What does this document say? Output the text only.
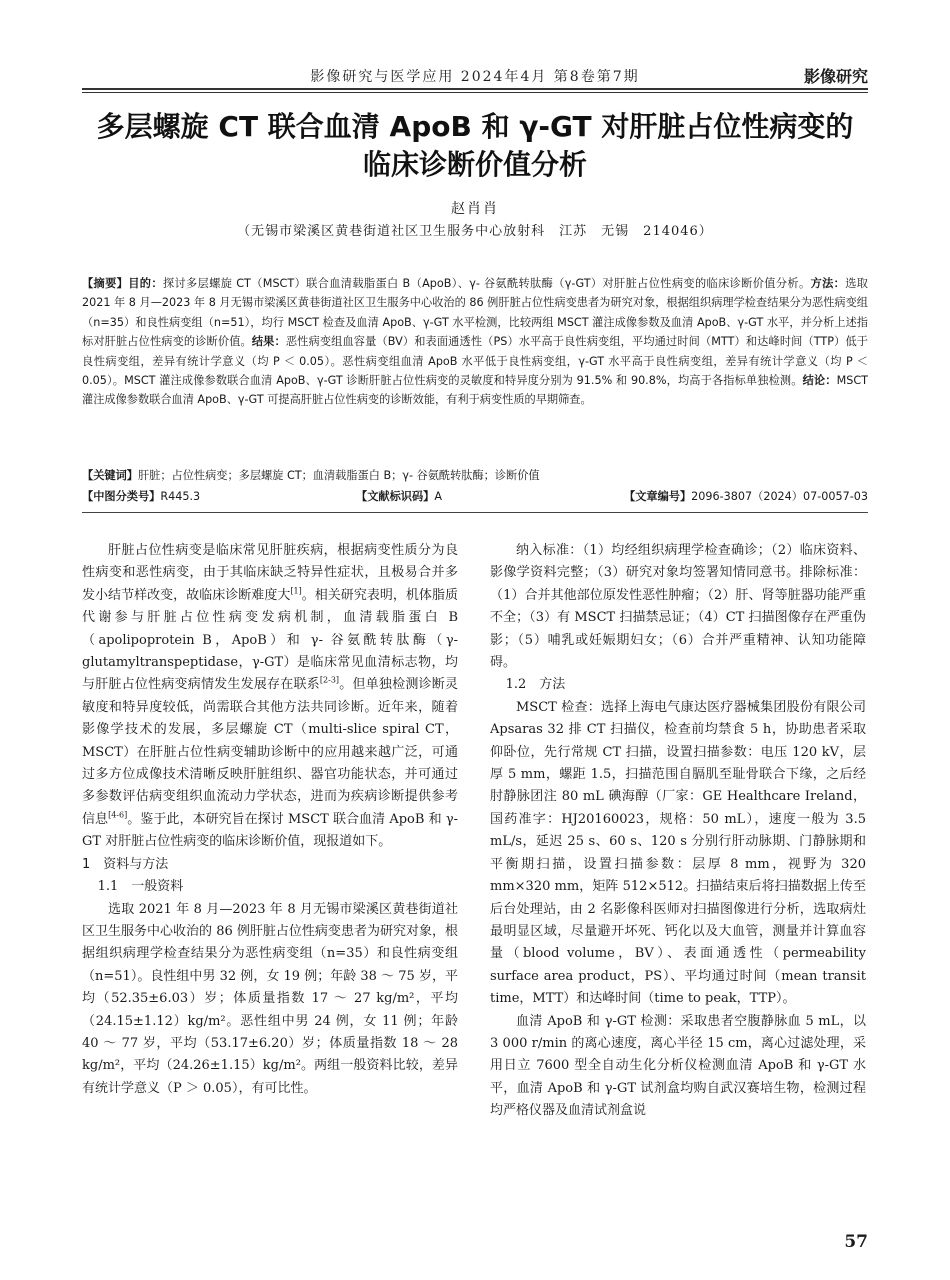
影像研究与医学应用 2024年4月 第8卷第7期	影像研究
多层螺旋 CT 联合血清 ApoB 和 γ-GT 对肝脏占位性病变的
临床诊断价值分析
赵肖肖
（无锡市梁溪区黄巷街道社区卫生服务中心放射科　江苏　无锡　214046）
【摘要】目的：探讨多层螺旋 CT（MSCT）联合血清载脂蛋白 B（ApoB）、γ- 谷氨酰转肽酶（γ-GT）对肝脏占位性病变的临床诊断价值分析。方法：选取 2021 年 8 月—2023 年 8 月无锡市梁溪区黄巷街道社区卫生服务中心收治的 86 例肝脏占位性病变患者为研究对象，根据组织病理学检查结果分为恶性病变组（n=35）和良性病变组（n=51），均行 MSCT 检查及血清 ApoB、γ-GT 水平检测，比较两组 MSCT 灌注成像参数及血清 ApoB、γ-GT 水平，并分析上述指标对肝脏占位性病变的诊断价值。结果：恶性病变组血容量（BV）和表面通透性（PS）水平高于良性病变组，平均通过时间（MTT）和达峰时间（TTP）低于良性病变组，差异有统计学意义（均 P ＜ 0.05）。恶性病变组血清 ApoB 水平低于良性病变组，γ-GT 水平高于良性病变组，差异有统计学意义（均 P ＜ 0.05）。MSCT 灌注成像参数联合血清 ApoB、γ-GT 诊断肝脏占位性病变的灵敏度和特异度分别为 91.5% 和 90.8%，均高于各指标单独检测。结论：MSCT 灌注成像参数联合血清 ApoB、γ-GT 可提高肝脏占位性病变的诊断效能，有利于病变性质的早期筛查。
【关键词】肝脏；占位性病变；多层螺旋 CT；血清载脂蛋白 B；γ- 谷氨酰转肽酶；诊断价值
【中图分类号】R445.3	【文献标识码】A	【文章编号】2096-3807（2024）07-0057-03

肝脏占位性病变是临床常见肝脏疾病，根据病变性质分为良性病变和恶性病变，由于其临床缺乏特异性症状，且极易合并多发小结节样改变，故临床诊断难度大[1]。相关研究表明，机体脂质代谢参与肝脏占位性病变发病机制，血清载脂蛋白 B（apolipoprotein B，ApoB）和 γ- 谷氨酰转肽酶（γ-glutamyltranspeptidase，γ-GT）是临床常见血清标志物，均与肝脏占位性病变病情发生发展存在联系[2-3]。但单独检测诊断灵敏度和特异度较低，尚需联合其他方法共同诊断。近年来，随着影像学技术的发展，多层螺旋 CT（multi-slice spiral CT，MSCT）在肝脏占位性病变辅助诊断中的应用越来越广泛，可通过多方位成像技术清晰反映肝脏组织、器官功能状态，并可通过多参数评估病变组织血流动力学状态，进而为疾病诊断提供参考信息[4-6]。鉴于此，本研究旨在探讨 MSCT 联合血清 ApoB 和 γ-GT 对肝脏占位性病变的临床诊断价值，现报道如下。

1　资料与方法

1.1　一般资料

选取 2021 年 8 月—2023 年 8 月无锡市梁溪区黄巷街道社区卫生服务中心收治的 86 例肝脏占位性病变患者为研究对象，根据组织病理学检查结果分为恶性病变组（n=35）和良性病变组（n=51）。良性组中男 32 例，女 19 例；年龄 38 ～ 75 岁，平均（52.35±6.03）岁；体质量指数 17 ～ 27 kg/m²，平均（24.15±1.12）kg/m²。恶性组中男 24 例，女 11 例；年龄 40 ～ 77 岁，平均（53.17±6.20）岁；体质量指数 18 ～ 28 kg/m²，平均（24.26±1.15）kg/m²。两组一般资料比较，差异有统计学意义（P ＞ 0.05），有可比性。

纳入标准：（1）均经组织病理学检查确诊；（2）临床资料、影像学资料完整；（3）研究对象均签署知情同意书。排除标准：（1）合并其他部位原发性恶性肿瘤；（2）肝、肾等脏器功能严重不全；（3）有 MSCT 扫描禁忌证；（4）CT 扫描图像存在严重伪影；（5）哺乳或妊娠期妇女；（6）合并严重精神、认知功能障碍。

1.2　方法

MSCT 检查：选择上海电气康达医疗器械集团股份有限公司 Apsaras 32 排 CT 扫描仪，检查前均禁食 5 h，协助患者采取仰卧位，先行常规 CT 扫描，设置扫描参数：电压 120 kV，层厚 5 mm，螺距 1.5，扫描范围自膈肌至耻骨联合下缘，之后经肘静脉团注 80 mL 碘海醇（厂家：GE Healthcare Ireland，国药准字：HJ20160023，规格：50 mL），速度一般为 3.5 mL/s，延迟 25 s、60 s、120 s 分别行肝动脉期、门静脉期和平衡期扫描，设置扫描参数：层厚 8 mm，视野为 320 mm×320 mm，矩阵 512×512。扫描结束后将扫描数据上传至后台处理站，由 2 名影像科医师对扫描图像进行分析，选取病灶最明显区域，尽量避开坏死、钙化以及大血管，测量并计算血容量（blood volume，BV）、表面通透性（permeability surface area product，PS）、平均通过时间（mean transit time，MTT）和达峰时间（time to peak，TTP）。

血清 ApoB 和 γ-GT 检测：采取患者空腹静脉血 5 mL，以 3 000 r/min 的离心速度，离心半径 15 cm，离心过滤处理，采用日立 7600 型全自动生化分析仪检测血清 ApoB 和 γ-GT 水平，血清 ApoB 和 γ-GT 试剂盒均购自武汉赛培生物，检测过程均严格仪器及血清试剂盒说

57
